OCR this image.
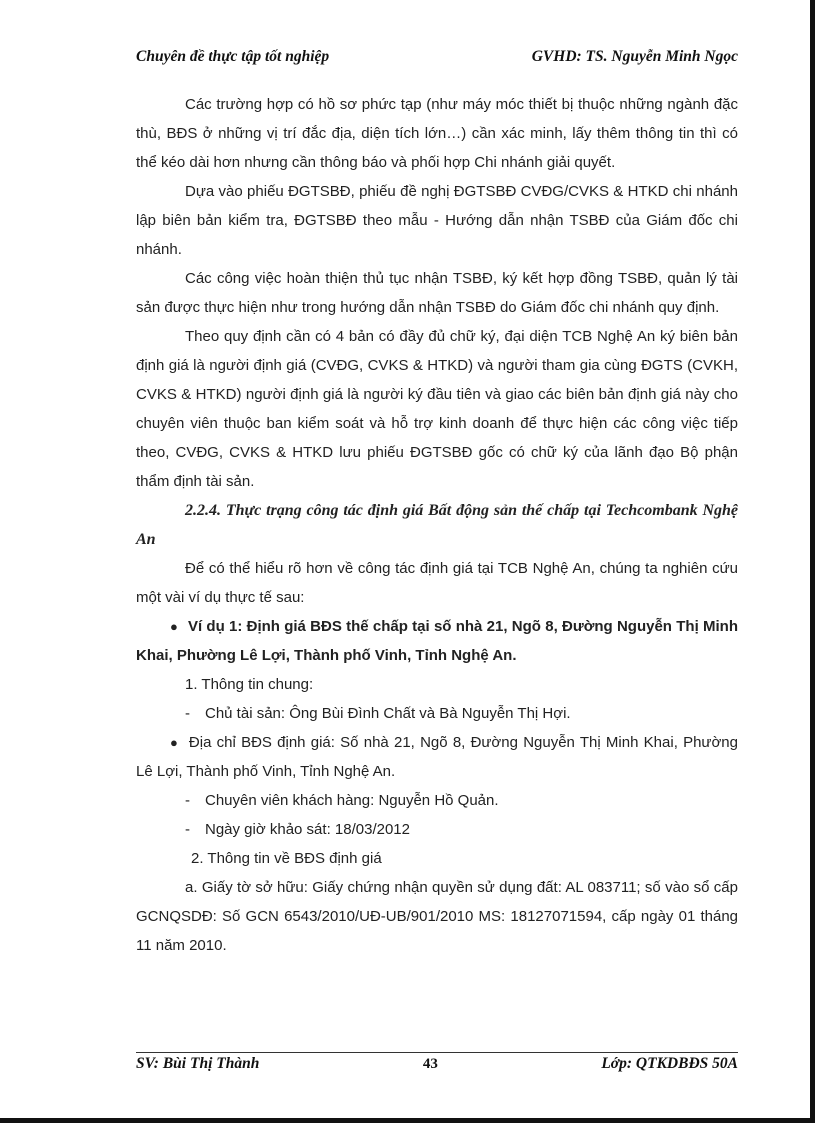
Chuyên đề thực tập tốt nghiệp	GVHD: TS. Nguyễn Minh Ngọc

Các trường hợp có hồ sơ phức tạp (như máy móc thiết bị thuộc những ngành đặc thù, BĐS ở những vị trí đắc địa, diện tích lớn…) cần xác minh, lấy thêm thông tin thì có thể kéo dài hơn nhưng cần thông báo và phối hợp Chi nhánh giải quyết.

Dựa vào phiếu ĐGTSBĐ, phiếu đề nghị ĐGTSBĐ CVĐG/CVKS & HTKD chi nhánh lập biên bản kiểm tra, ĐGTSBĐ theo mẫu - Hướng dẫn nhận TSBĐ của Giám đốc chi nhánh.

Các công việc hoàn thiện thủ tục nhận TSBĐ, ký kết hợp đồng TSBĐ, quản lý tài sản được thực hiện như trong hướng dẫn nhận TSBĐ do Giám đốc chi nhánh quy định.

Theo quy định cần có 4 bản có đầy đủ chữ ký, đại diện TCB Nghệ An ký biên bản định giá là người định giá (CVĐG, CVKS & HTKD) và người tham gia cùng ĐGTS (CVKH, CVKS & HTKD) người định giá là người ký đầu tiên và giao các biên bản định giá này cho chuyên viên thuộc ban kiểm soát và hỗ trợ kinh doanh để thực hiện các công việc tiếp theo, CVĐG, CVKS & HTKD lưu phiếu ĐGTSBĐ gốc có chữ ký của lãnh đạo Bộ phận thẩm định tài sản.

2.2.4. Thực trạng công tác định giá Bất động sản thế chấp tại Techcombank Nghệ An

Để có thể hiểu rõ hơn về công tác định giá tại TCB Nghệ An, chúng ta nghiên cứu một vài ví dụ thực tế sau:

● Ví dụ 1: Định giá BĐS thế chấp tại số nhà 21, Ngõ 8, Đường Nguyễn Thị Minh Khai, Phường Lê Lợi, Thành phố Vinh, Tỉnh Nghệ An.

1. Thông tin chung:

- Chủ tài sản: Ông Bùi Đình Chất và Bà Nguyễn Thị Hợi.

● Địa chỉ BĐS định giá: Số nhà 21, Ngõ 8, Đường Nguyễn Thị Minh Khai, Phường Lê Lợi, Thành phố Vinh, Tỉnh Nghệ An.

- Chuyên viên khách hàng: Nguyễn Hồ Quản.

- Ngày giờ khảo sát: 18/03/2012

2. Thông tin về BĐS định giá

a. Giấy tờ sở hữu: Giấy chứng nhận quyền sử dụng đất: AL 083711; số vào sổ cấp GCNQSDĐ: Số GCN 6543/2010/UĐ-UB/901/2010 MS: 18127071594, cấp ngày 01 tháng 11 năm 2010.

SV: Bùi Thị Thành	43	Lớp: QTKDBĐS 50A
